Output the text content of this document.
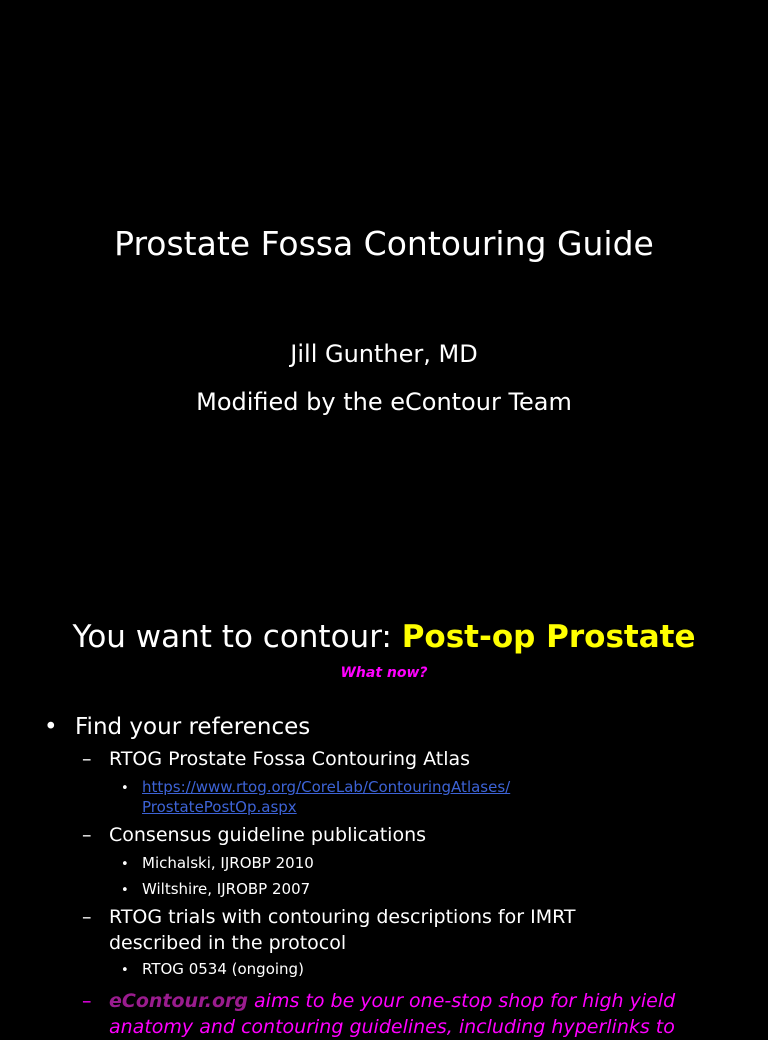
Prostate Fossa Contouring Guide
Jill Gunther, MD
Modified by the eContour Team
You want to contour: Post-op Prostate
What now?
• Find your references
– RTOG Prostate Fossa Contouring Atlas
• https://www.rtog.org/CoreLab/ContouringAtlases/
ProstatePostOp.aspx
– Consensus guideline publications
• Michalski, IJROBP 2010
• Wiltshire, IJROBP 2007
– RTOG trials with contouring descriptions for IMRT
described in the protocol
• RTOG 0534 (ongoing)
– eContour.org aims to be your one-stop shop for high yield
anatomy and contouring guidelines, including hyperlinks to
